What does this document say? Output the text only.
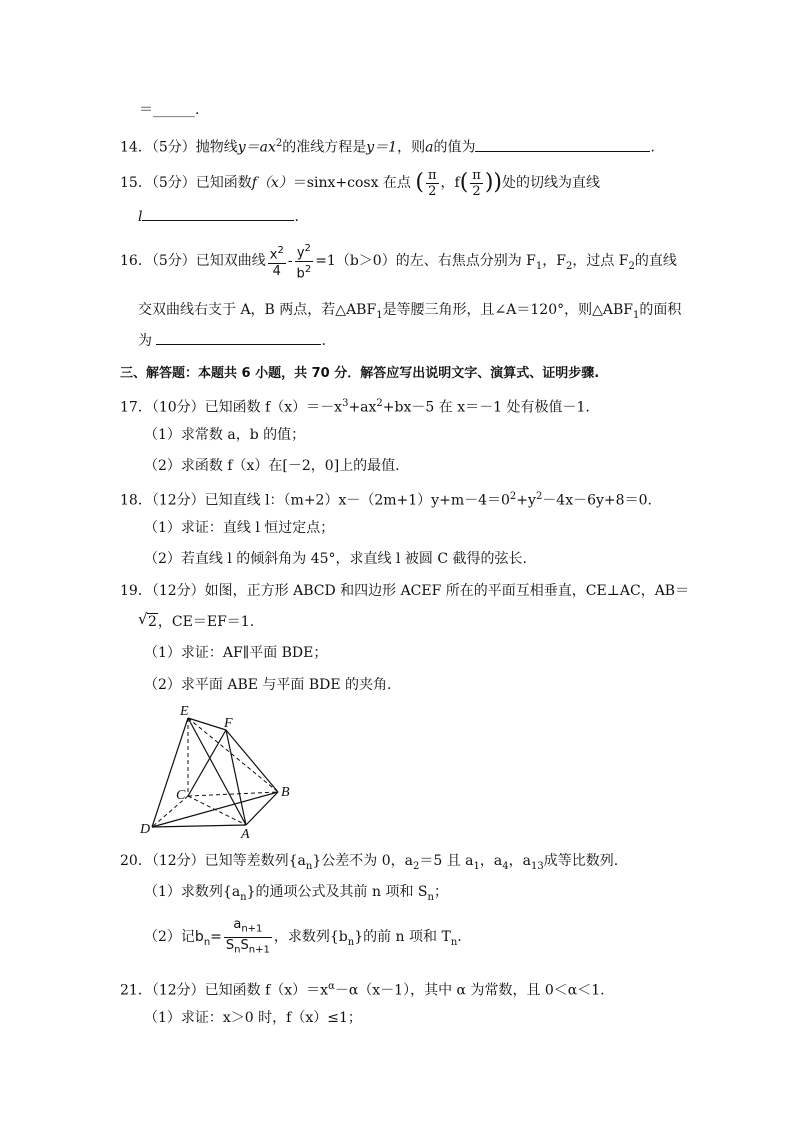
＝______.
14．（5分）抛物线$y=ax^2$的准线方程是y＝1，则a的值为	.
15．（5分）已知函数f（x）＝sinx+cosx 在点 ( $\frac{\pi}{2}$ ，$f( \frac{\pi}{2}$ ))处的切线为直线
l	.
16．（5分）已知双曲线 $\frac{x^2}{4} - \frac{y^2}{b^2} =1(b>0)$的左、右焦点分别为 $F_1$，$F_2$，过点 $F_2$的直线
交双曲线右支于 A，B 两点，若$\triangle ABF_1$是等腰三角形，且∠A＝120°，则$\triangle ABF_1$的面积
为	.
三、解答题：本题共 6 小题，共 70 分．解答应写出说明文字、演算式、证明步骤.
17．（10分）已知函数 $f(x)=-x^3+ax^2+bx-5$ 在 x＝－1 处有极值－1.
（1）求常数 a，b 的值；
（2）求函数 f（x）在[－2，0]上的最值.
18．（12分）已知直线 l：$(m+2)x-(2m+1)y+m-4=0^2+y^2-4x-6y+8=0$.
（1）求证：直线 l 恒过定点；
（2）若直线 l 的倾斜角为 45°，求直线 l 被圆 C 截得的弦长.
19．（12分）如图，正方形 ABCD 和四边形 ACEF 所在的平面互相垂直，CE⊥AC，AB＝
√ 2，CE＝EF＝1.
（1）求证：AF∥平面 BDE；
（2）求平面 ABE 与平面 BDE 的夹角.
E
F
C	B
D	A
20．（12分）已知等差数列$\{a_n\}$公差不为 0，$a_2=5$ 且 $a_1$，$a_4$，$a_{13}$成等比数列.
（1）求数列$\{a_n\}$的通项公式及其前 n 项和 $S_n$；
（2）记$b_n= \frac{a_{n+1}}{S_nS_{n+1}}$ ，求数列$\{b_n\}$的前 n 项和 $T_n$.
21．（12分）已知函数 $f(x)=x^\alpha-\alpha(x-1)$，其中 α 为常数，且 0＜α＜1.
（1）求证：x＞0 时，f（x）≤1；
